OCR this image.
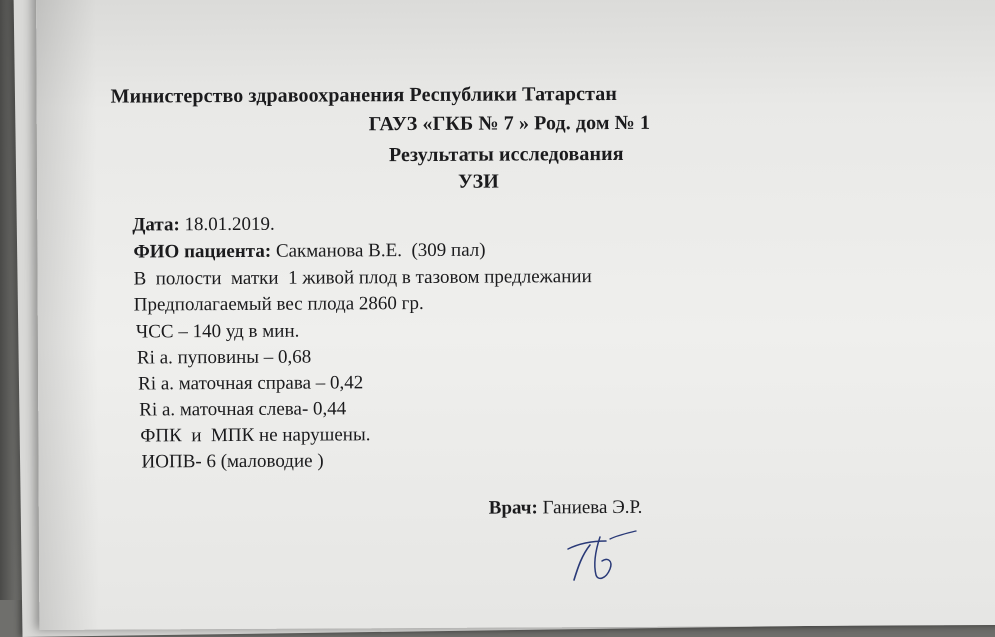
Министерство здравоохранения Республики Татарстан
ГАУЗ «ГКБ № 7 » Род. дом № 1
Результаты исследования
УЗИ
Дата: 18.01.2019.
ФИО пациента: Сакманова В.Е.  (309 пал)
В  полости  матки  1 живой плод в тазовом предлежании
Предполагаемый вес плода 2860 гр.
ЧСС – 140 уд в мин.
Ri а. пуповины – 0,68
Ri а. маточная справа – 0,42
Ri а. маточная слева- 0,44
ФПК  и  МПК не нарушены.
ИОПВ- 6 (маловодие )
Врач: Ганиева Э.Р.
